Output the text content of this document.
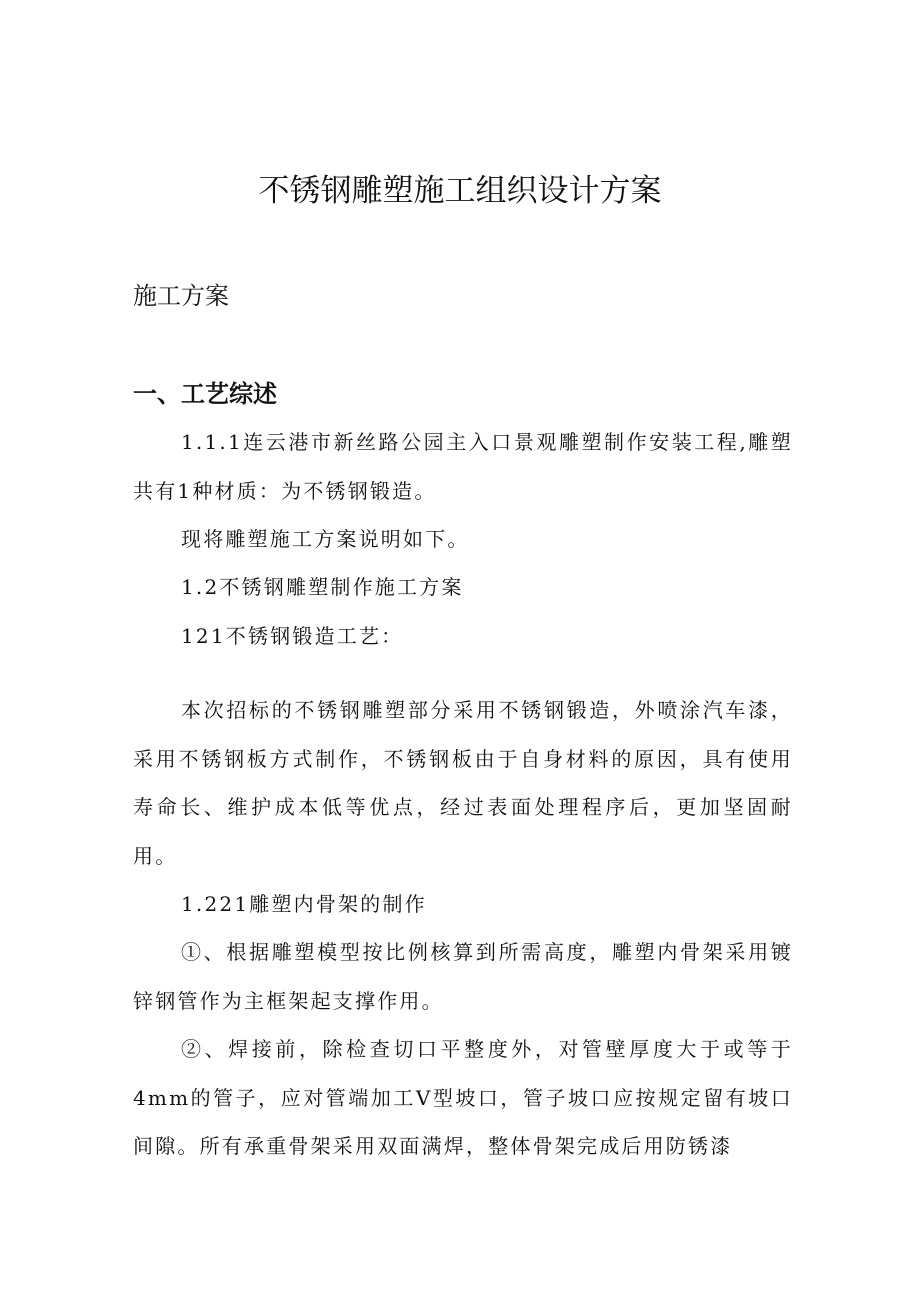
不锈钢雕塑施工组织设计方案
施工方案
一、工艺综述

1.1.1连云港市新丝路公园主入口景观雕塑制作安装工程,雕塑共有1种材质：为不锈钢锻造。

现将雕塑施工方案说明如下。

1.2不锈钢雕塑制作施工方案

121不锈钢锻造工艺：

本次招标的不锈钢雕塑部分采用不锈钢锻造，外喷涂汽车漆，采用不锈钢板方式制作，不锈钢板由于自身材料的原因，具有使用寿命长、维护成本低等优点，经过表面处理程序后，更加坚固耐用。

1.221雕塑内骨架的制作

①、根据雕塑模型按比例核算到所需高度，雕塑内骨架采用镀锌钢管作为主框架起支撑作用。

②、焊接前，除检查切口平整度外，对管壁厚度大于或等于4mm的管子，应对管端加工V型坡口，管子坡口应按规定留有坡口间隙。所有承重骨架采用双面满焊，整体骨架完成后用防锈漆
